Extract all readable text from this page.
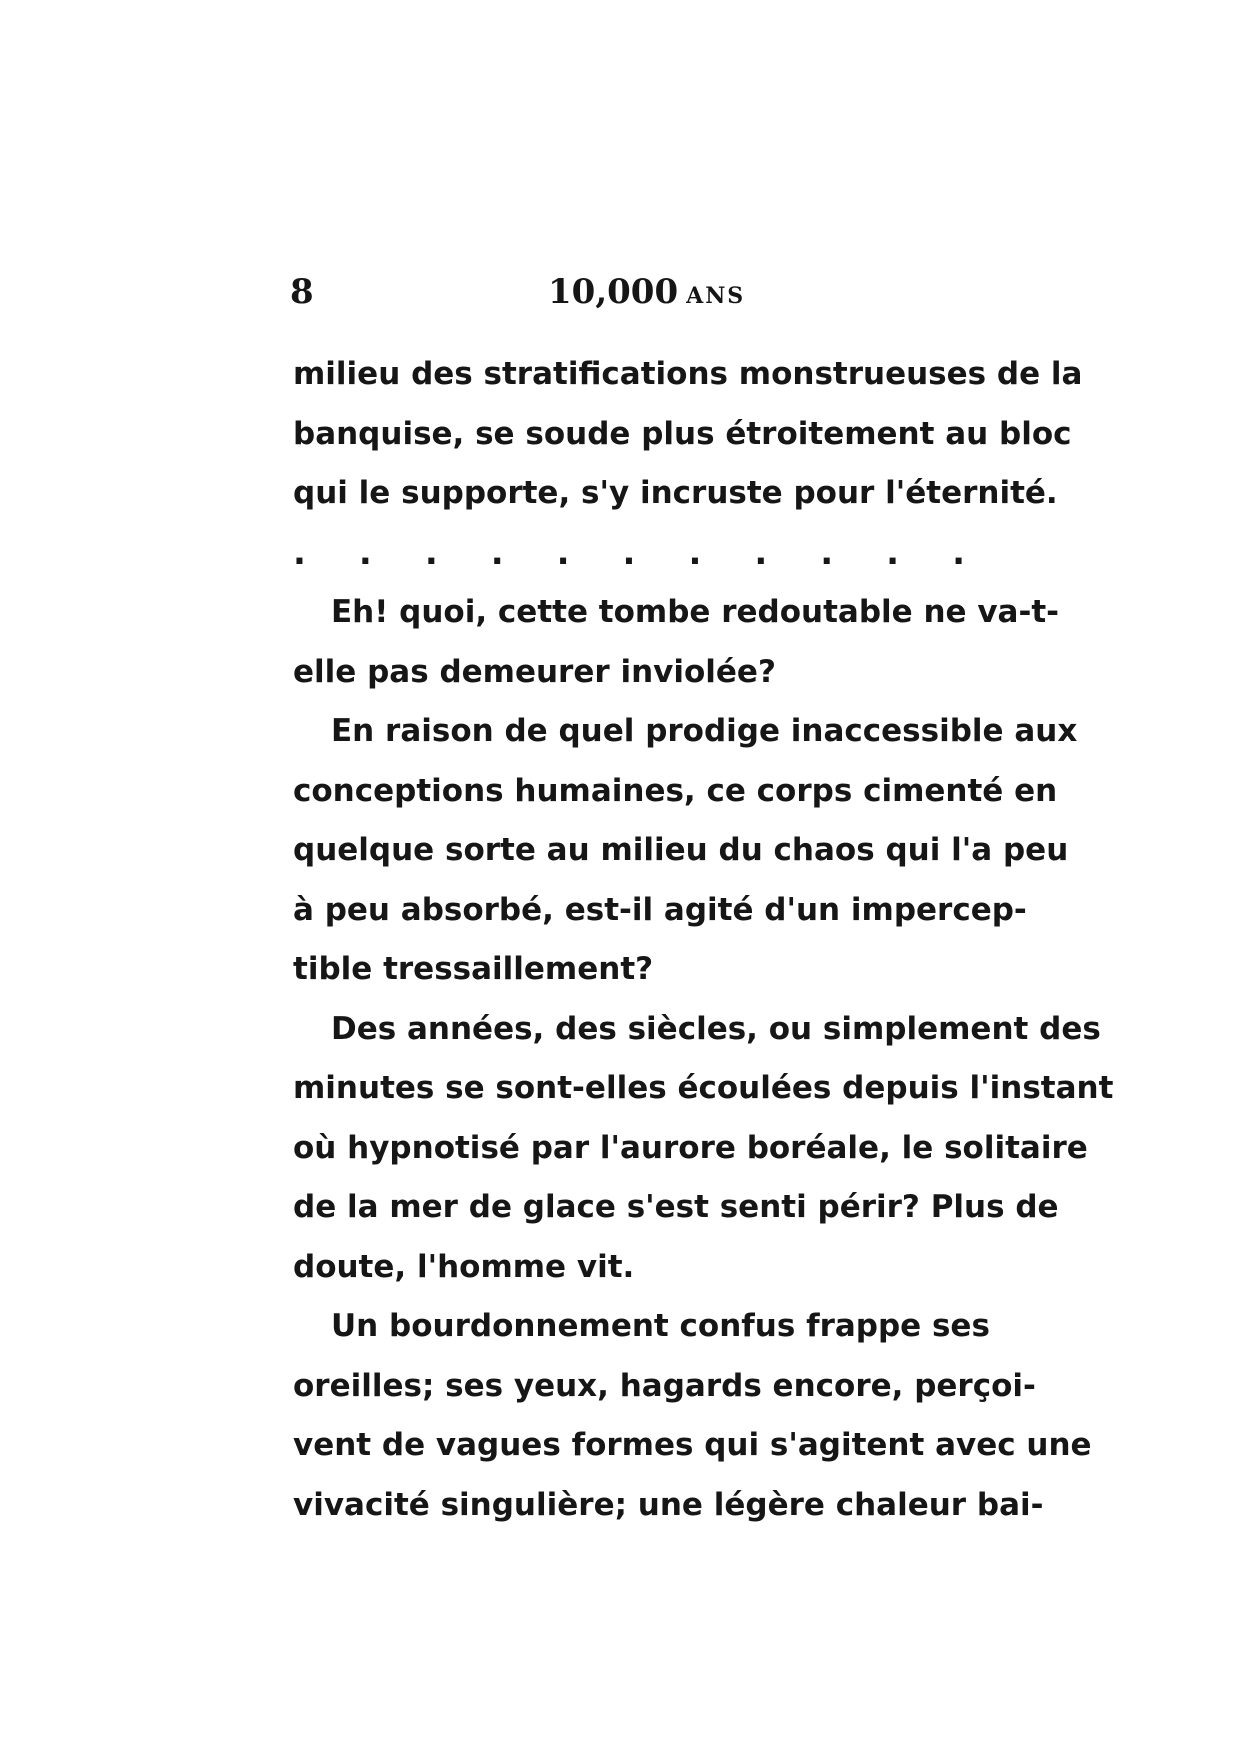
8	10,000 ANS
milieu des stratifications monstrueuses de la
banquise, se soude plus étroitement au bloc
qui le supporte, s'y incruste pour l'éternité.
. . . . . . . . . . .
Eh! quoi, cette tombe redoutable ne va-t-
elle pas demeurer inviolée?
En raison de quel prodige inaccessible aux
conceptions humaines, ce corps cimenté en
quelque sorte au milieu du chaos qui l'a peu
à peu absorbé, est-il agité d'un impercep-
tible tressaillement?
Des années, des siècles, ou simplement des
minutes se sont-elles écoulées depuis l'instant
où hypnotisé par l'aurore boréale, le solitaire
de la mer de glace s'est senti périr? Plus de
doute, l'homme vit.
Un bourdonnement confus frappe ses
oreilles; ses yeux, hagards encore, perçoi-
vent de vagues formes qui s'agitent avec une
vivacité singulière; une légère chaleur bai-
